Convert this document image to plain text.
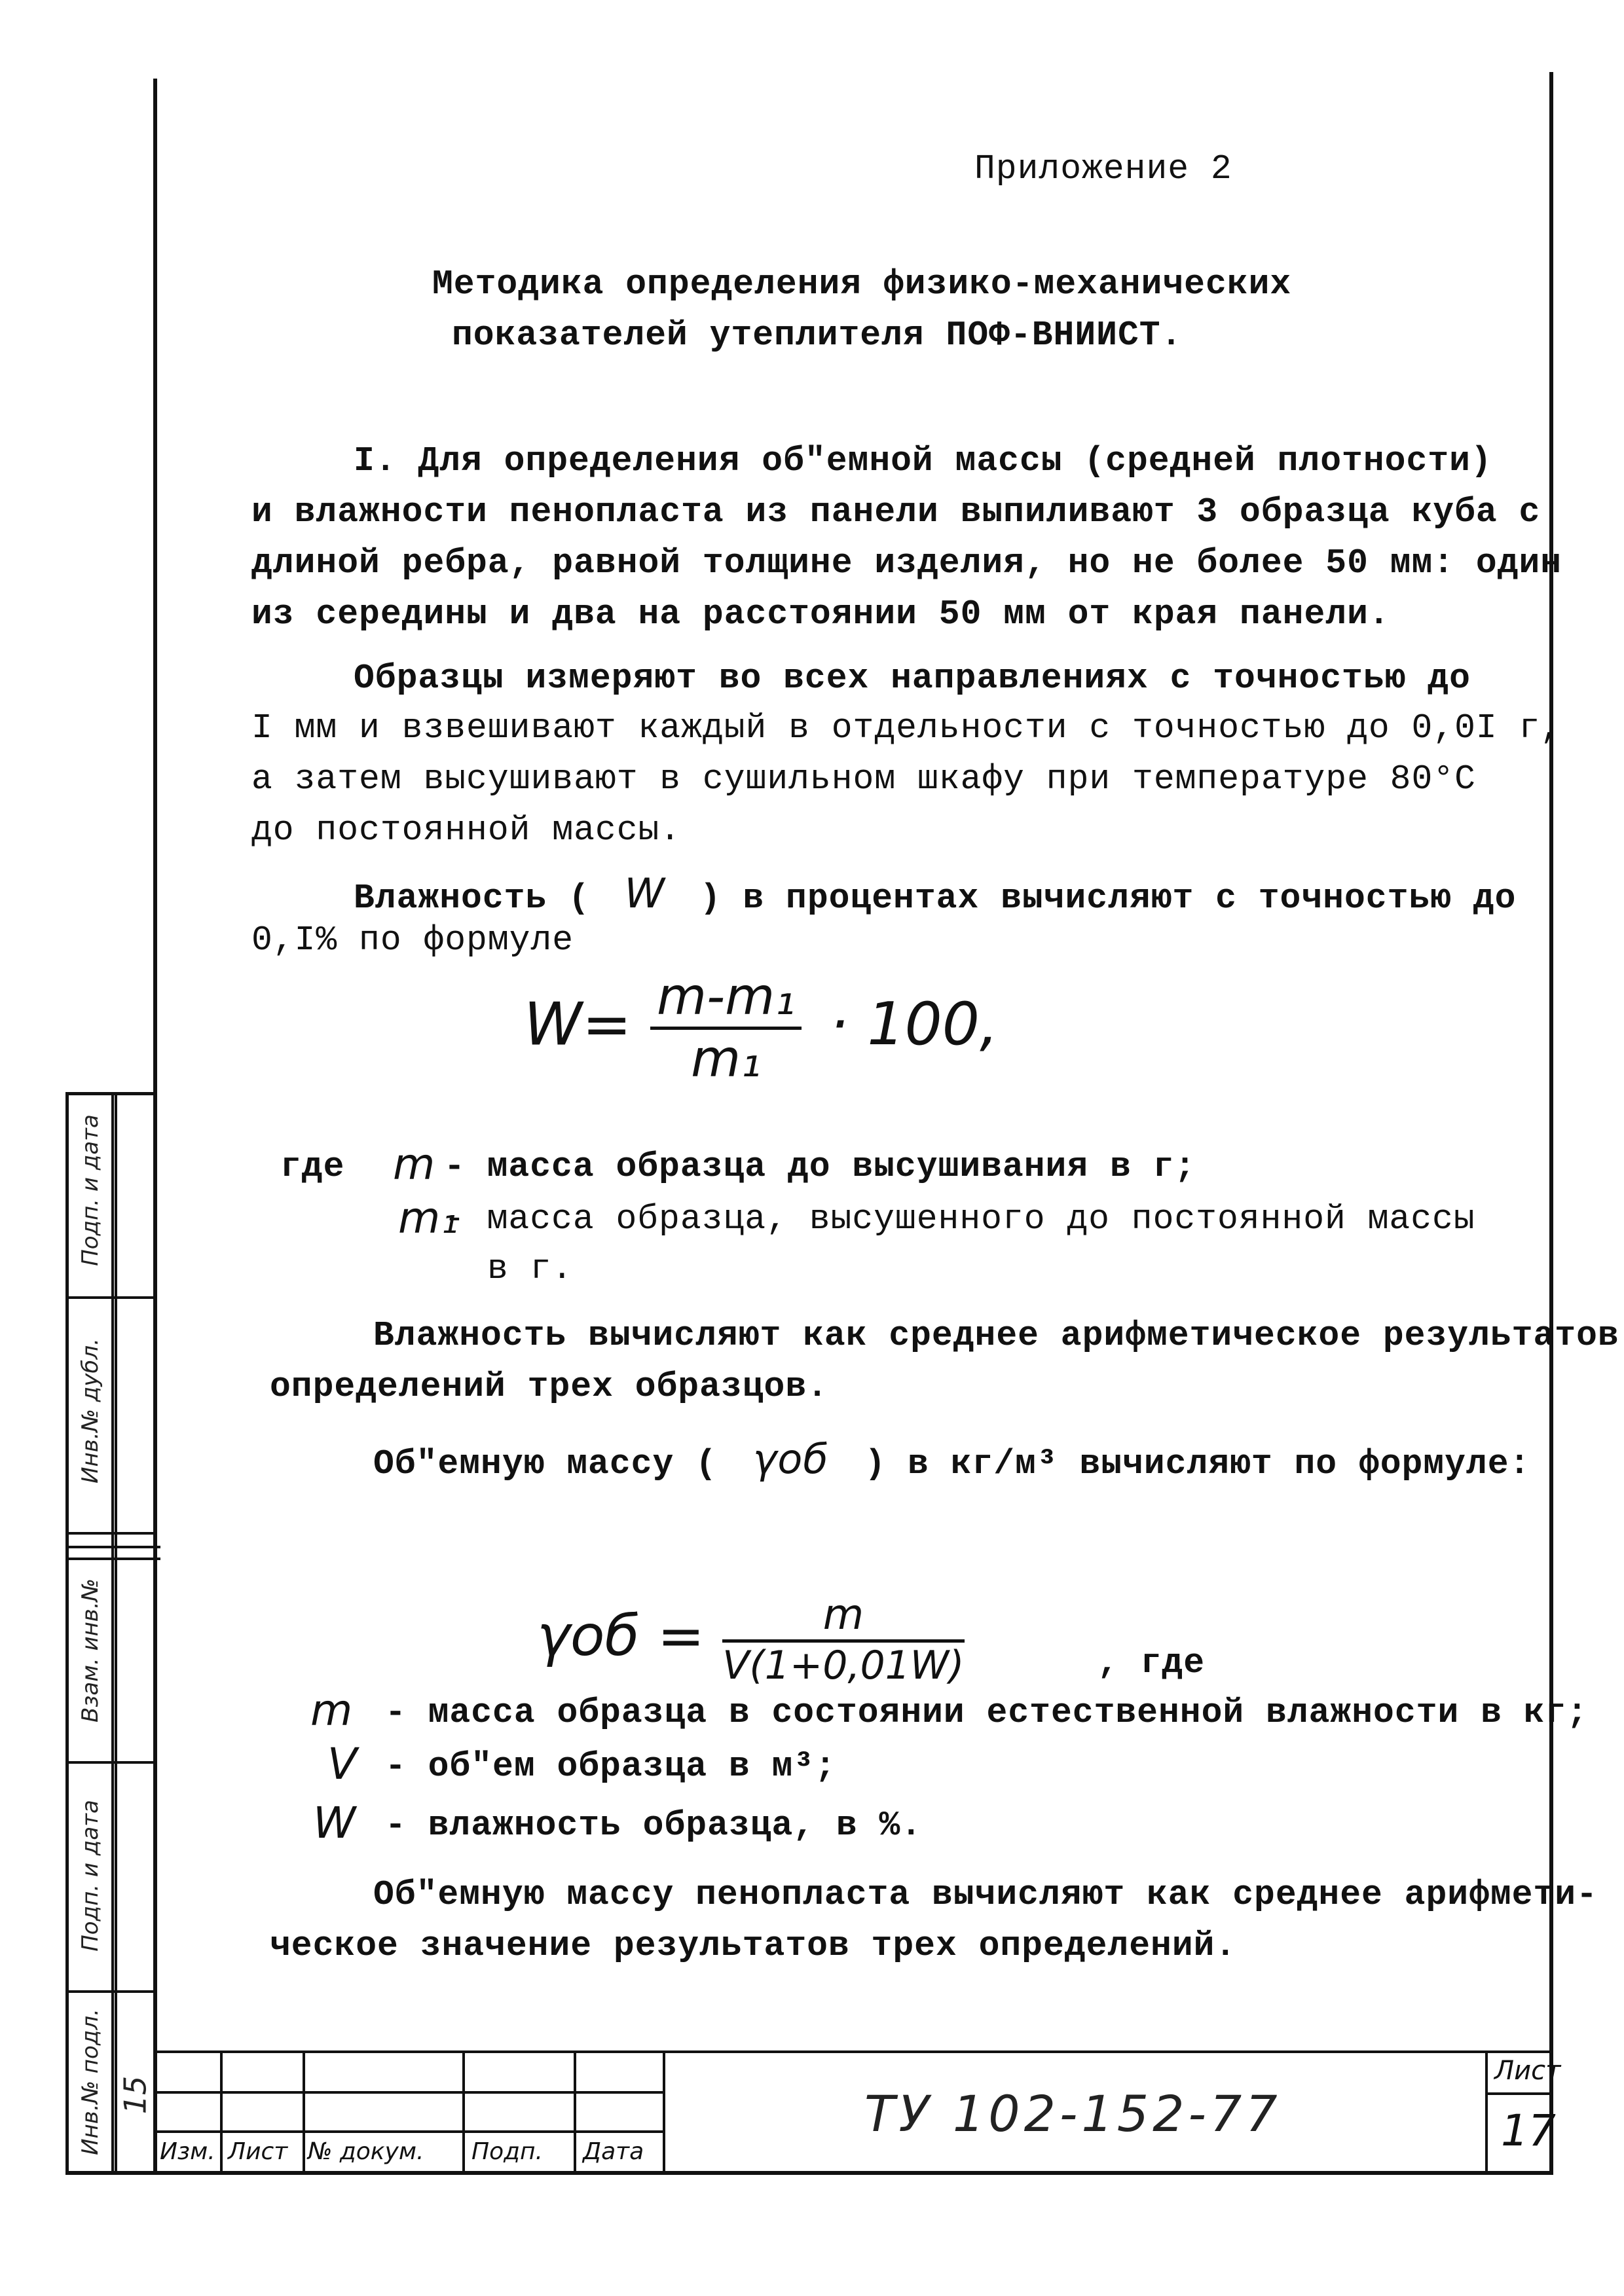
Приложение 2
Методика определения физико-механических
показателей утеплителя ПОФ-ВНИИСТ.
I. Для определения об"емной массы (средней плотности)
и влажности пенопласта из панели выпиливают 3 образца куба с
длиной ребра, равной толщине изделия, но не более 50 мм: один
из середины и два на расстоянии 50 мм от края панели.
Образцы измеряют во всех направлениях с точностью до
I мм и взвешивают каждый в отдельности с точностью до 0,0I г,
а затем высушивают в сушильном шкафу при температуре 80°С
до постоянной массы.
Влажность ( W ) в процентах вычисляют с точностью до
0,I% по формуле
$W= \frac{\text{m-m₁}}{\text{m₁}} \cdot 100$,
где m - масса образца до высушивания в г;
m₁
- масса образца, высушенного до постоянной массы
в г.
Влажность вычисляют как среднее арифметическое результатов
определений трех образцов.
Об"емную массу ( γоб ) в кг/м³ вычисляют по формуле:
$\gamma об = \frac{m}{V(1+0,01W)}$	, где
m - масса образца в состоянии естественной влажности в кг;
V - об"ем образца в м³;
W - влажность образца, в %.
Об"емную массу пенопласта вычисляют как среднее арифмети-
ческое значение результатов трех определений.
Подп. и дата
Инв.№ дубл.
Взам. инв.№
Подп. и дата
Инв.№ подл. 15
Изм. Лист № докум. Подп. Дата
ТУ 102-152-77
Лист
17
